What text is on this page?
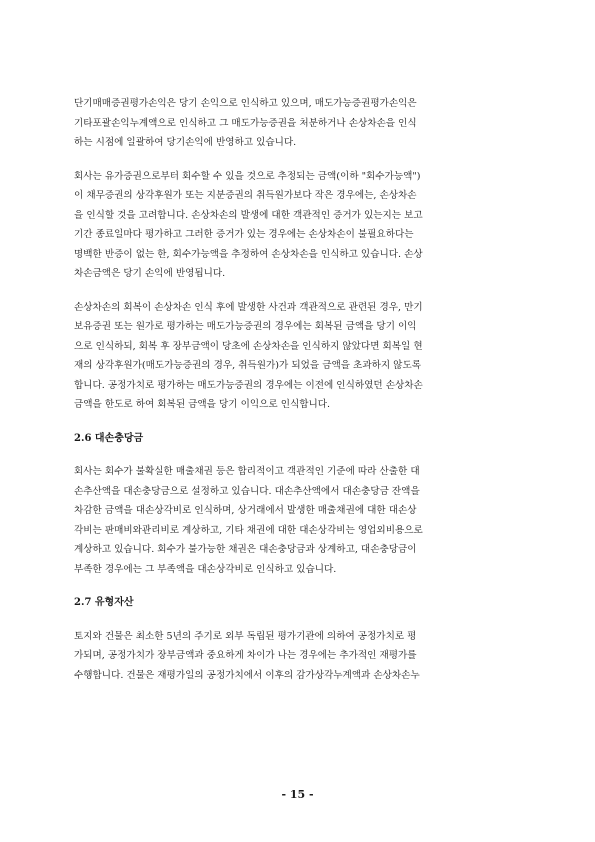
단기매매증권평가손익은 당기 손익으로 인식하고 있으며, 매도가능증권평가손익은
기타포괄손익누계액으로 인식하고 그 매도가능증권을 처분하거나 손상차손을 인식
하는 시점에 일괄하여 당기손익에 반영하고 있습니다.

회사는 유가증권으로부터 회수할 수 있을 것으로 추정되는 금액(이하 "회수가능액")
이 채무증권의 상각후원가 또는 지분증권의 취득원가보다 작은 경우에는, 손상차손
을 인식할 것을 고려합니다. 손상차손의 발생에 대한 객관적인 증거가 있는지는 보고
기간 종료일마다 평가하고 그러한 증거가 있는 경우에는 손상차손이 불필요하다는
명백한 반증이 없는 한, 회수가능액을 추정하여 손상차손을 인식하고 있습니다. 손상
차손금액은 당기 손익에 반영됩니다.

손상차손의 회복이 손상차손 인식 후에 발생한 사건과 객관적으로 관련된 경우, 만기
보유증권 또는 원가로 평가하는 매도가능증권의 경우에는 회복된 금액을 당기 이익
으로 인식하되, 회복 후 장부금액이 당초에 손상차손을 인식하지 않았다면 회복일 현
재의 상각후원가(매도가능증권의 경우, 취득원가)가 되었을 금액을 초과하지 않도록
합니다. 공정가치로 평가하는 매도가능증권의 경우에는 이전에 인식하였던 손상차손
금액을 한도로 하여 회복된 금액을 당기 이익으로 인식합니다.

2.6 대손충당금

회사는 회수가 불확실한 매출채권 등은 합리적이고 객관적인 기준에 따라 산출한 대
손추산액을 대손충당금으로 설정하고 있습니다. 대손추산액에서 대손충당금 잔액을
차감한 금액을 대손상각비로 인식하며, 상거래에서 발생한 매출채권에 대한 대손상
각비는 판매비와관리비로 계상하고, 기타 채권에 대한 대손상각비는 영업외비용으로
계상하고 있습니다. 회수가 불가능한 채권은 대손충당금과 상계하고, 대손충당금이
부족한 경우에는 그 부족액을 대손상각비로 인식하고 있습니다.

2.7 유형자산

토지와 건물은 최소한 5년의 주기로 외부 독립된 평가기관에 의하여 공정가치로 평
가되며, 공정가치가 장부금액과 중요하게 차이가 나는 경우에는 추가적인 재평가를
수행합니다. 건물은 재평가일의 공정가치에서 이후의 감가상각누계액과 손상차손누

- 15 -
